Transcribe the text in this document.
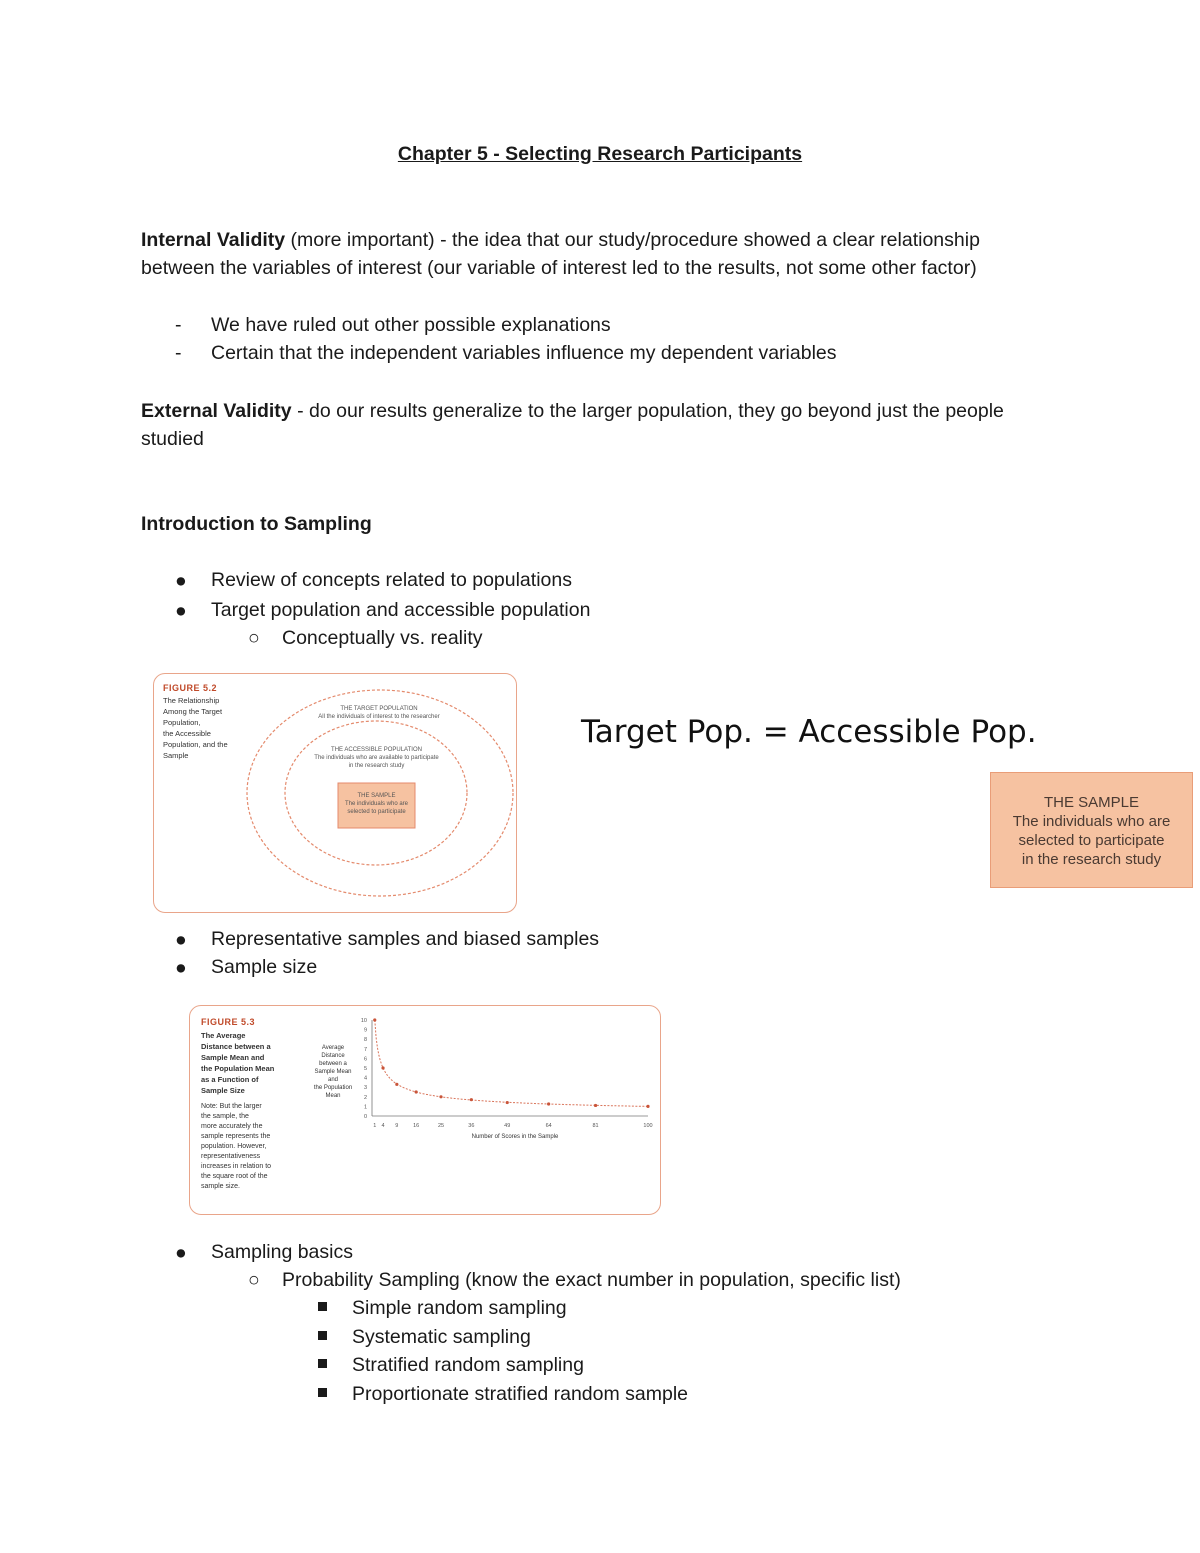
Chapter 5 - Selecting Research Participants
Internal Validity (more important) - the idea that our study/procedure showed a clear relationship between the variables of interest (our variable of interest led to the results, not some other factor)
- We have ruled out other possible explanations
- Certain that the independent variables influence my dependent variables
External Validity - do our results generalize to the larger population, they go beyond just the people studied
Introduction to Sampling
● Review of concepts related to populations
● Target population and accessible population
○ Conceptually vs. reality
FIGURE 5.2
The Relationship
Among the Target
Population,
the Accessible
Population, and the
Sample
THE TARGET POPULATION
All the individuals of interest to the researcher
THE ACCESSIBLE POPULATION
The individuals who are available to participate in the research study
THE SAMPLE
The individuals who are selected to participate
Target Pop. = Accessible Pop.
THE SAMPLE
The individuals who are
selected to participate
in the research study
● Representative samples and biased samples
● Sample size
FIGURE 5.3
The Average
Distance between a
Sample Mean and
the Population Mean
as a Function of
Sample Size
Note: But the larger
the sample, the
more accurately the
sample represents the
population. However,
representativeness
increases in relation to
the square root of the
sample size.
Average
Distance
between a
Sample Mean
and
the Population
Mean
10
9
8
7
6
5
4
3
2
1
0
1 4 9	16	25	36	49	64	81	100
Number of Scores in the Sample
● Sampling basics
○ Probability Sampling (know the exact number in population, specific list)
Simple random sampling
Systematic sampling
Stratified random sampling
Proportionate stratified random sample
